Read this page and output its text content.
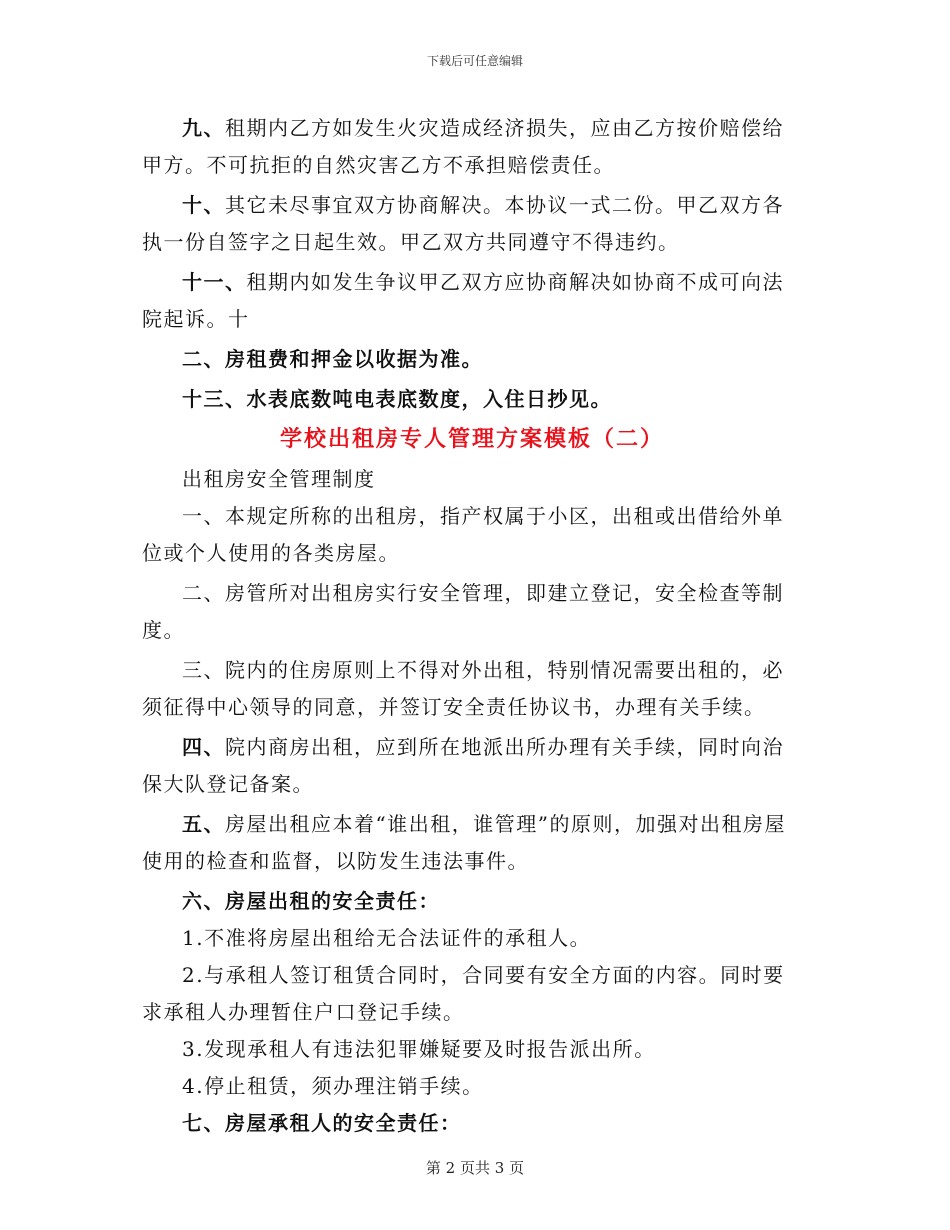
下载后可任意编辑

九、租期内乙方如发生火灾造成经济损失，应由乙方按价赔偿给甲方。不可抗拒的自然灾害乙方不承担赔偿责任。

十、其它未尽事宜双方协商解决。本协议一式二份。甲乙双方各执一份自签字之日起生效。甲乙双方共同遵守不得违约。

十一、租期内如发生争议甲乙双方应协商解决如协商不成可向法院起诉。十

二、房租费和押金以收据为准。

十三、水表底数吨电表底数度，入住日抄见。

学校出租房专人管理方案模板（二）

出租房安全管理制度

一、本规定所称的出租房，指产权属于小区，出租或出借给外单位或个人使用的各类房屋。

二、房管所对出租房实行安全管理，即建立登记，安全检查等制度。

三、院内的住房原则上不得对外出租，特别情况需要出租的，必须征得中心领导的同意，并签订安全责任协议书，办理有关手续。

四、院内商房出租，应到所在地派出所办理有关手续，同时向治保大队登记备案。

五、房屋出租应本着“谁出租，谁管理”的原则，加强对出租房屋使用的检查和监督，以防发生违法事件。

六、房屋出租的安全责任：

1.不准将房屋出租给无合法证件的承租人。

2.与承租人签订租赁合同时，合同要有安全方面的内容。同时要求承租人办理暂住户口登记手续。

3.发现承租人有违法犯罪嫌疑要及时报告派出所。

4.停止租赁，须办理注销手续。

七、房屋承租人的安全责任：

第 2 页共 3 页
